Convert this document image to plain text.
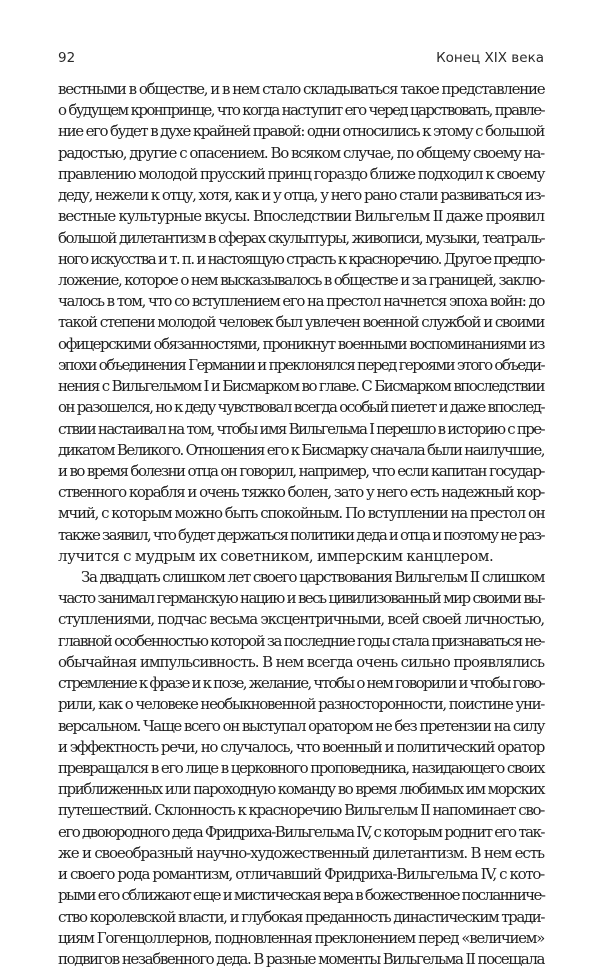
92	Конец XIX века
вестными в обществе, и в нем стало складываться такое представление
о будущем кронпринце, что когда наступит его черед царствовать, правле-
ние его будет в духе крайней правой: одни относились к этому с большой
радостью, другие с опасением. Во всяком случае, по общему своему на-
правлению молодой прусский принц гораздо ближе подходил к своему
деду, нежели к отцу, хотя, как и у отца, у него рано стали развиваться из-
вестные культурные вкусы. Впоследствии Вильгельм II даже проявил
большой дилетантизм в сферах скульптуры, живописи, музыки, театраль-
ного искусства и т. п. и настоящую страсть к красноречию. Другое предпо-
ложение, которое о нем высказывалось в обществе и за границей, заклю-
чалось в том, что со вступлением его на престол начнется эпоха войн: до
такой степени молодой человек был увлечен военной службой и своими
офицерскими обязанностями, проникнут военными воспоминаниями из
эпохи объединения Германии и преклонялся перед героями этого объеди-
нения с Вильгельмом I и Бисмарком во главе. С Бисмарком впоследствии
он разошелся, но к деду чувствовал всегда особый пиетет и даже впослед-
ствии настаивал на том, чтобы имя Вильгельма I перешло в историю с пре-
дикатом Великого. Отношения его к Бисмарку сначала были наилучшие,
и во время болезни отца он говорил, например, что если капитан государ-
ственного корабля и очень тяжко болен, зато у него есть надежный кор-
мчий, с которым можно быть спокойным. По вступлении на престол он
также заявил, что будет держаться политики деда и отца и поэтому не раз-
лучится с мудрым их советником, имперским канцлером.
За двадцать слишком лет своего царствования Вильгельм II слишком
часто занимал германскую нацию и весь цивилизованный мир своими вы-
ступлениями, подчас весьма эксцентричными, всей своей личностью,
главной особенностью которой за последние годы стала признаваться не-
обычайная импульсивность. В нем всегда очень сильно проявлялись
стремление к фразе и к позе, желание, чтобы о нем говорили и чтобы гово-
рили, как о человеке необыкновенной разносторонности, поистине уни-
версальном. Чаще всего он выступал оратором не без претензии на силу
и эффектность речи, но случалось, что военный и политический оратор
превращался в его лице в церковного проповедника, назидающего своих
приближенных или пароходную команду во время любимых им морских
путешествий. Склонность к красноречию Вильгельм II напоминает сво-
его двоюродного деда Фридриха-Вильгельма IV, с которым роднит его так-
же и своеобразный научно-художественный дилетантизм. В нем есть
и своего рода романтизм, отличавший Фридриха-Вильгельма IV, с кото-
рыми его сближают еще и мистическая вера в божественное посланниче-
ство королевской власти, и глубокая преданность династическим тради-
циям Гогенцоллернов, подновленная преклонением перед «величием»
подвигов незабвенного деда. В разные моменты Вильгельма II посещала
